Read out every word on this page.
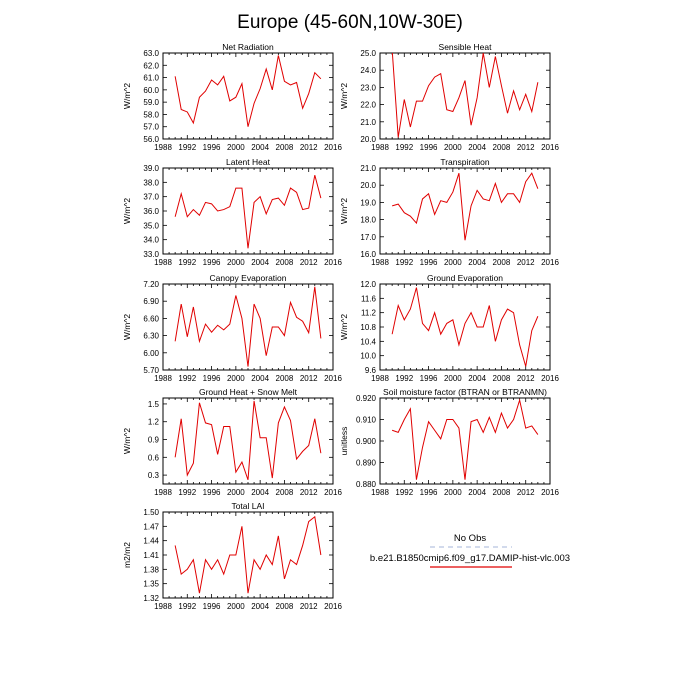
Europe (45-60N,10W-30E)
Net Radiation
1988 1992 1996 2000 2004 2008 2012 2016
56.0
57.0
58.0
59.0
60.0
61.0
62.0
63.0
W/m^2
Sensible Heat
1988 1992 1996 2000 2004 2008 2012 2016
20.0
21.0
22.0
23.0
24.0
25.0
W/m^2
Latent Heat
1988 1992 1996 2000 2004 2008 2012 2016
33.0
34.0
35.0
36.0
37.0
38.0
39.0
W/m^2
Transpiration
1988 1992 1996 2000 2004 2008 2012 2016
16.0
17.0
18.0
19.0
20.0
21.0
W/m^2
Canopy Evaporation
1988 1992 1996 2000 2004 2008 2012 2016
5.70
6.00
6.30
6.60
6.90
7.20
W/m^2
Ground Evaporation
1988 1992 1996 2000 2004 2008 2012 2016
9.6
10.0
10.4
10.8
11.2
11.6
12.0
W/m^2
Ground Heat + Snow Melt
1988 1992 1996 2000 2004 2008 2012 2016
0.3
0.6
0.9
1.2
1.5
W/m^2
Soil moisture factor (BTRAN or BTRANMN)
1988 1992 1996 2000 2004 2008 2012 2016
0.880
0.890
0.900
0.910
0.920
unitless
Total LAI
1988 1992 1996 2000 2004 2008 2012 2016
1.32
1.35
1.38
1.41
1.44
1.47
1.50
m2/m2
No Obs
b.e21.B1850cmip6.f09_g17.DAMIP-hist-vlc.003
